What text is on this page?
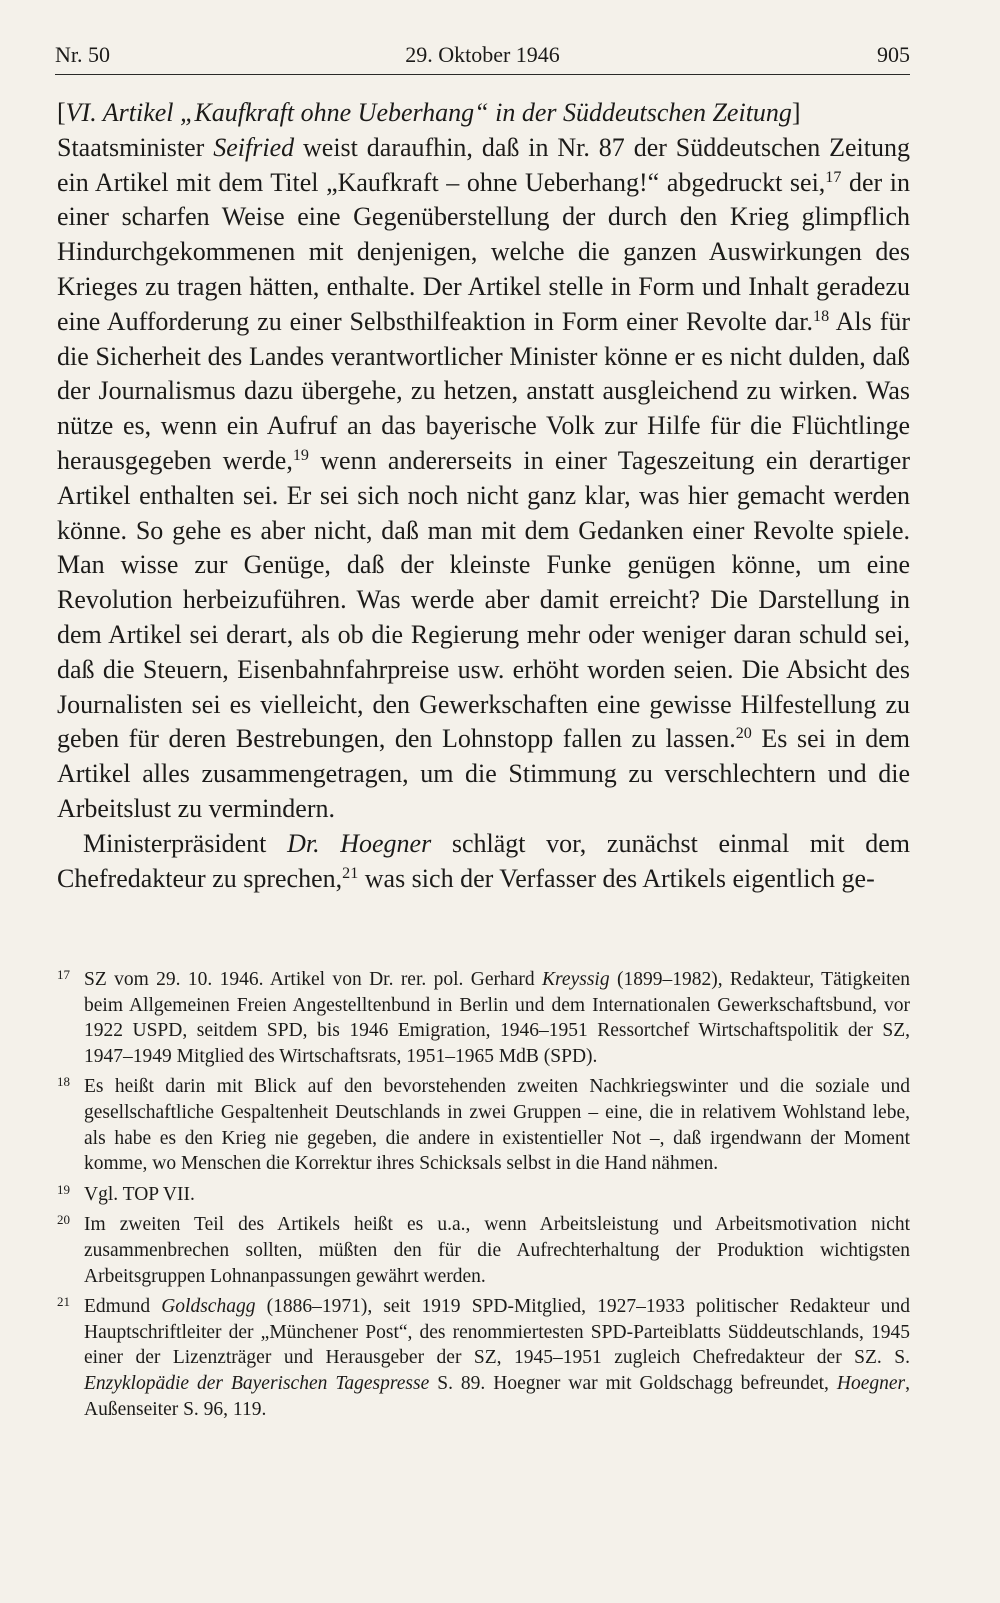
Nr. 50	29. Oktober 1946	905

[VI. Artikel „Kaufkraft ohne Ueberhang“ in der Süddeutschen Zeitung]

Staatsminister Seifried weist daraufhin, daß in Nr. 87 der Süddeutschen Zeitung ein Artikel mit dem Titel „Kaufkraft – ohne Ueberhang!“ abgedruckt sei,$^{17}$ der in einer scharfen Weise eine Gegenüberstellung der durch den Krieg glimpflich Hindurchgekommenen mit denjenigen, welche die ganzen Auswirkungen des Krieges zu tragen hätten, enthalte. Der Artikel stelle in Form und Inhalt geradezu eine Aufforderung zu einer Selbsthilfeaktion in Form einer Revolte dar.$^{18}$ Als für die Sicherheit des Landes verantwortlicher Minister könne er es nicht dulden, daß der Journalismus dazu übergehe, zu hetzen, anstatt ausgleichend zu wirken. Was nütze es, wenn ein Aufruf an das bayerische Volk zur Hilfe für die Flüchtlinge herausgegeben werde,$^{19}$ wenn andererseits in einer Tageszeitung ein derartiger Artikel enthalten sei. Er sei sich noch nicht ganz klar, was hier gemacht werden könne. So gehe es aber nicht, daß man mit dem Gedanken einer Revolte spiele. Man wisse zur Genüge, daß der kleinste Funke genügen könne, um eine Revolution herbeizuführen. Was werde aber damit erreicht? Die Darstellung in dem Artikel sei derart, als ob die Regierung mehr oder weniger daran schuld sei, daß die Steuern, Eisenbahnfahrpreise usw. erhöht worden seien. Die Absicht des Journalisten sei es vielleicht, den Gewerkschaften eine gewisse Hilfestellung zu geben für deren Bestrebungen, den Lohnstopp fallen zu lassen.$^{20}$ Es sei in dem Artikel alles zusammengetragen, um die Stimmung zu verschlechtern und die Arbeitslust zu vermindern.

Ministerpräsident Dr. Hoegner schlägt vor, zunächst einmal mit dem Chefredakteur zu sprechen,$^{21}$ was sich der Verfasser des Artikels eigentlich ge-

17 SZ vom 29. 10. 1946. Artikel von Dr. rer. pol. Gerhard Kreyssig (1899–1982), Redakteur, Tätigkeiten beim Allgemeinen Freien Angestelltenbund in Berlin und dem Internationalen Gewerkschaftsbund, vor 1922 USPD, seitdem SPD, bis 1946 Emigration, 1946–1951 Ressortchef Wirtschaftspolitik der SZ, 1947–1949 Mitglied des Wirtschaftsrats, 1951–1965 MdB (SPD).
18 Es heißt darin mit Blick auf den bevorstehenden zweiten Nachkriegswinter und die soziale und gesellschaftliche Gespaltenheit Deutschlands in zwei Gruppen – eine, die in relativem Wohlstand lebe, als habe es den Krieg nie gegeben, die andere in existentieller Not –, daß irgendwann der Moment komme, wo Menschen die Korrektur ihres Schicksals selbst in die Hand nähmen.
19 Vgl. TOP VII.
20 Im zweiten Teil des Artikels heißt es u.a., wenn Arbeitsleistung und Arbeitsmotivation nicht zusammenbrechen sollten, müßten den für die Aufrechterhaltung der Produktion wichtigsten Arbeitsgruppen Lohnanpassungen gewährt werden.
21 Edmund Goldschagg (1886–1971), seit 1919 SPD-Mitglied, 1927–1933 politischer Redakteur und Hauptschriftleiter der „Münchener Post“, des renommiertesten SPD-Parteiblatts Süddeutschlands, 1945 einer der Lizenzträger und Herausgeber der SZ, 1945–1951 zugleich Chefredakteur der SZ. S. Enzyklopädie der Bayerischen Tagespresse S. 89. Hoegner war mit Goldschagg befreundet, Hoegner, Außenseiter S. 96, 119.
